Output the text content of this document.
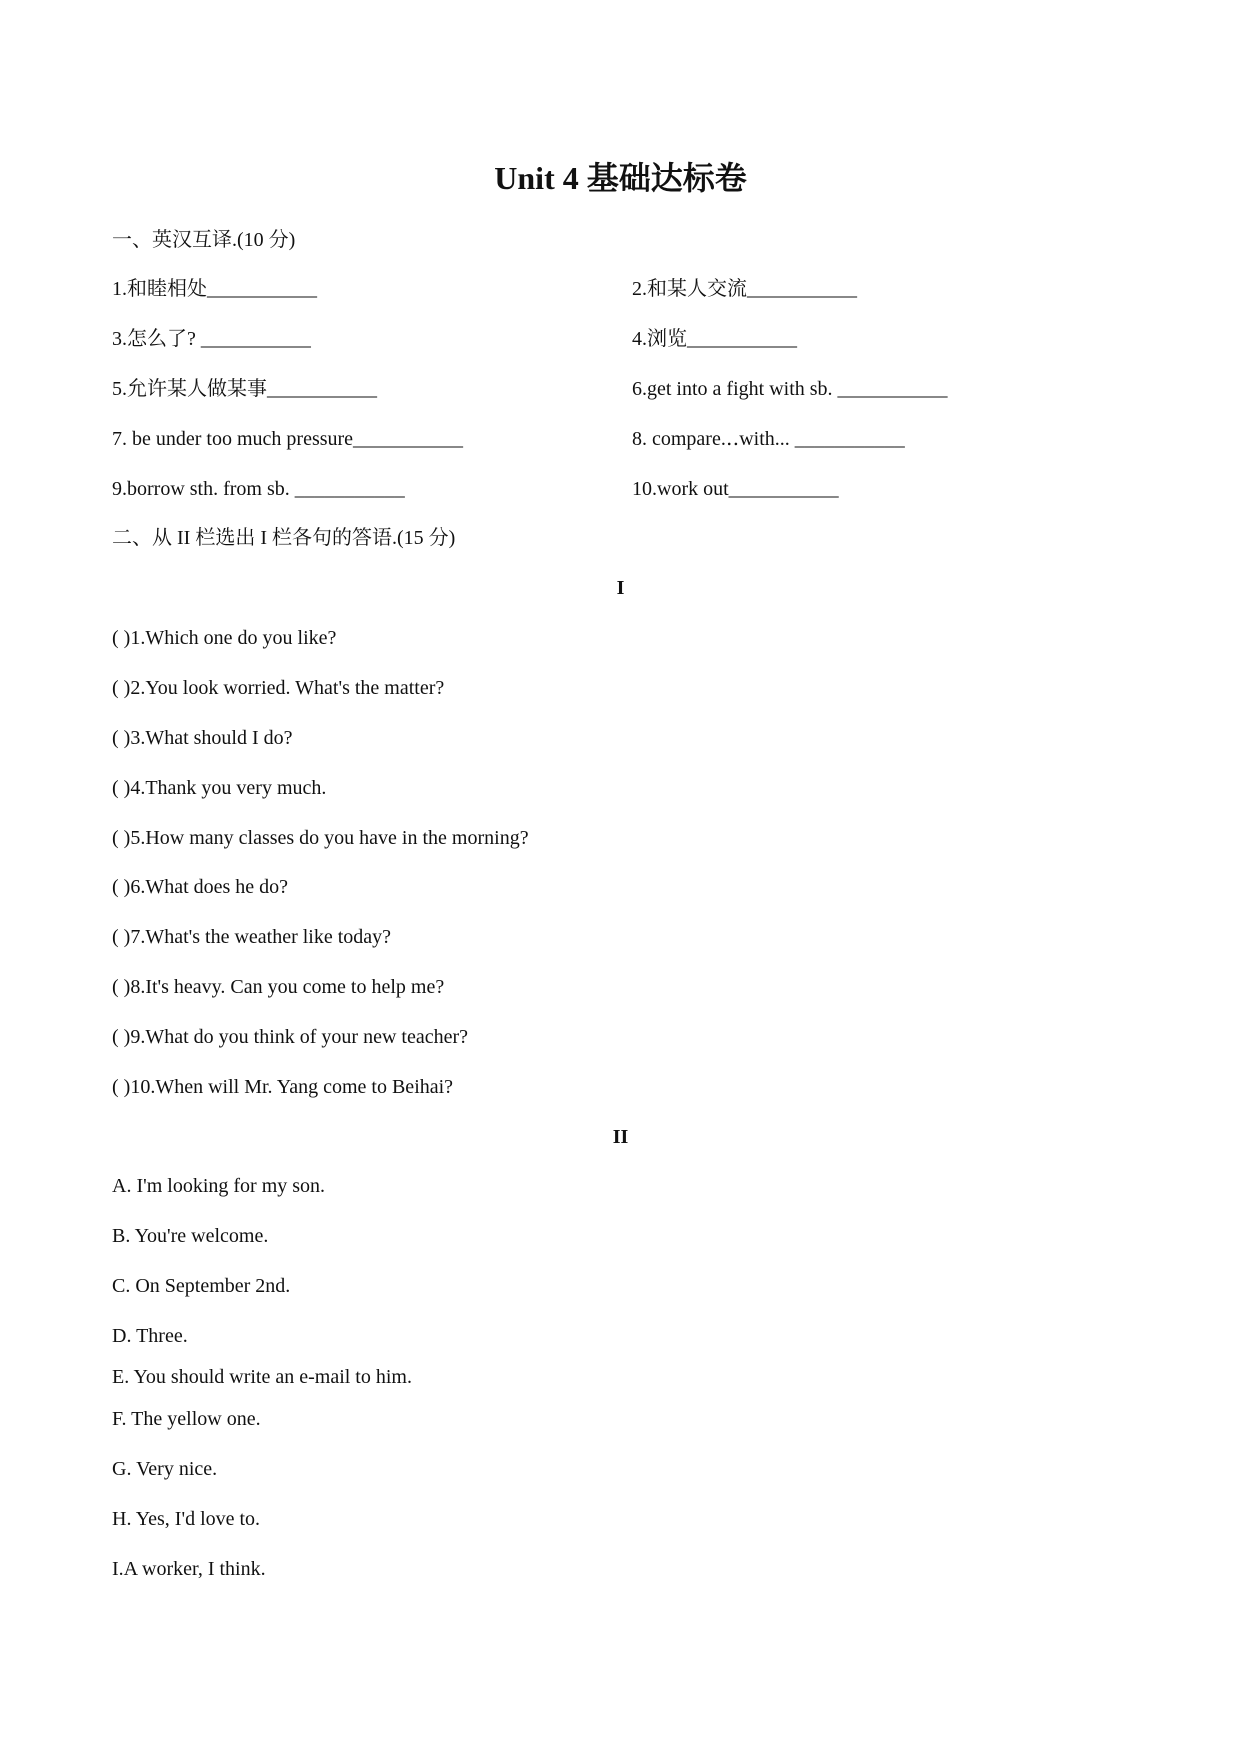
Unit 4 基础达标卷
一、英汉互译.(10 分)
1.和睦相处___________	2.和某人交流___________
3.怎么了? ___________	4.浏览___________
5.允许某人做某事___________	6.get into a fight with sb. ___________
7. be under too much pressure___________	8. compare.‥with... ___________
9.borrow sth. from sb. ___________	10.work out___________
二、从 II 栏选出 I 栏各句的答语.(15 分)
I
( )1.Which one do you like?
( )2.You look worried. What's the matter?
( )3.What should I do?
( )4.Thank you very much.
( )5.How many classes do you have in the morning?
( )6.What does he do?
( )7.What's the weather like today?
( )8.It's heavy. Can you come to help me?
( )9.What do you think of your new teacher?
( )10.When will Mr. Yang come to Beihai?
II
A. I'm looking for my son.
B. You're welcome.
C. On September 2nd.
D. Three.
E. You should write an e-mail to him.
F. The yellow one.
G. Very nice.
H. Yes, I'd love to.
I.A worker, I think.
